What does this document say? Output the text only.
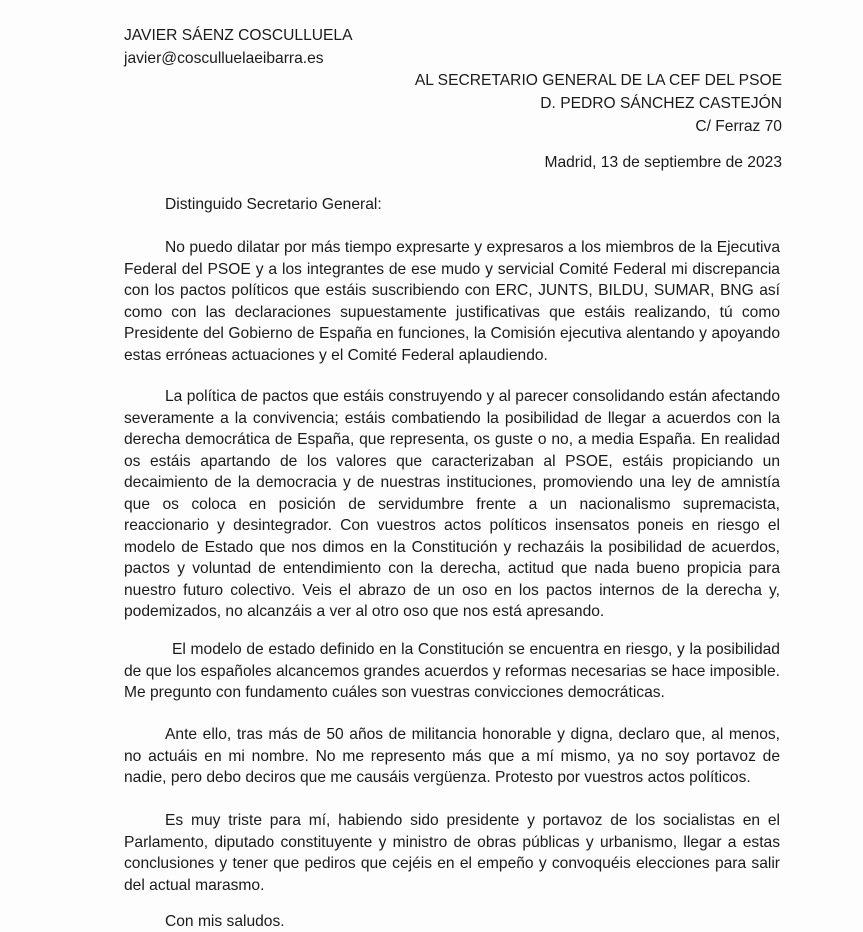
JAVIER SÁENZ COSCULLUELA
javier@cosculluelaeibarra.es
AL SECRETARIO GENERAL DE LA CEF DEL PSOE
D. PEDRO SÁNCHEZ CASTEJÓN
C/ Ferraz 70
Madrid, 13 de septiembre de 2023
Distinguido Secretario General:

No puedo dilatar por más tiempo expresarte y expresaros a los miembros de la Ejecutiva Federal del PSOE y a los integrantes de ese mudo y servicial Comité Federal mi discrepancia con los pactos políticos que estáis suscribiendo con ERC, JUNTS, BILDU, SUMAR, BNG así como con las declaraciones supuestamente justificativas que estáis realizando, tú como Presidente del Gobierno de España en funciones, la Comisión ejecutiva alentando y apoyando estas erróneas actuaciones y el Comité Federal aplaudiendo.

La política de pactos que estáis construyendo y al parecer consolidando están afectando severamente a la convivencia; estáis combatiendo la posibilidad de llegar a acuerdos con la derecha democrática de España, que representa, os guste o no, a media España. En realidad os estáis apartando de los valores que caracterizaban al PSOE, estáis propiciando un decaimiento de la democracia y de nuestras instituciones, promoviendo una ley de amnistía que os coloca en posición de servidumbre frente a un nacionalismo supremacista, reaccionario y desintegrador. Con vuestros actos políticos insensatos poneis en riesgo el modelo de Estado que nos dimos en la Constitución y rechazáis la posibilidad de acuerdos, pactos y voluntad de entendimiento con la derecha, actitud que nada bueno propicia para nuestro futuro colectivo. Veis el abrazo de un oso en los pactos internos de la derecha y, podemizados, no alcanzáis a ver al otro oso que nos está apresando.

El modelo de estado definido en la Constitución se encuentra en riesgo, y la posibilidad de que los españoles alcancemos grandes acuerdos y reformas necesarias se hace imposible. Me pregunto con fundamento cuáles son vuestras convicciones democráticas.

Ante ello, tras más de 50 años de militancia honorable y digna, declaro que, al menos, no actuáis en mi nombre. No me represento más que a mí mismo, ya no soy portavoz de nadie, pero debo deciros que me causáis vergüenza. Protesto por vuestros actos políticos.

Es muy triste para mí, habiendo sido presidente y portavoz de los socialistas en el Parlamento, diputado constituyente y ministro de obras públicas y urbanismo, llegar a estas conclusiones y tener que pediros que cejéis en el empeño y convoquéis elecciones para salir del actual marasmo.

Con mis saludos.
